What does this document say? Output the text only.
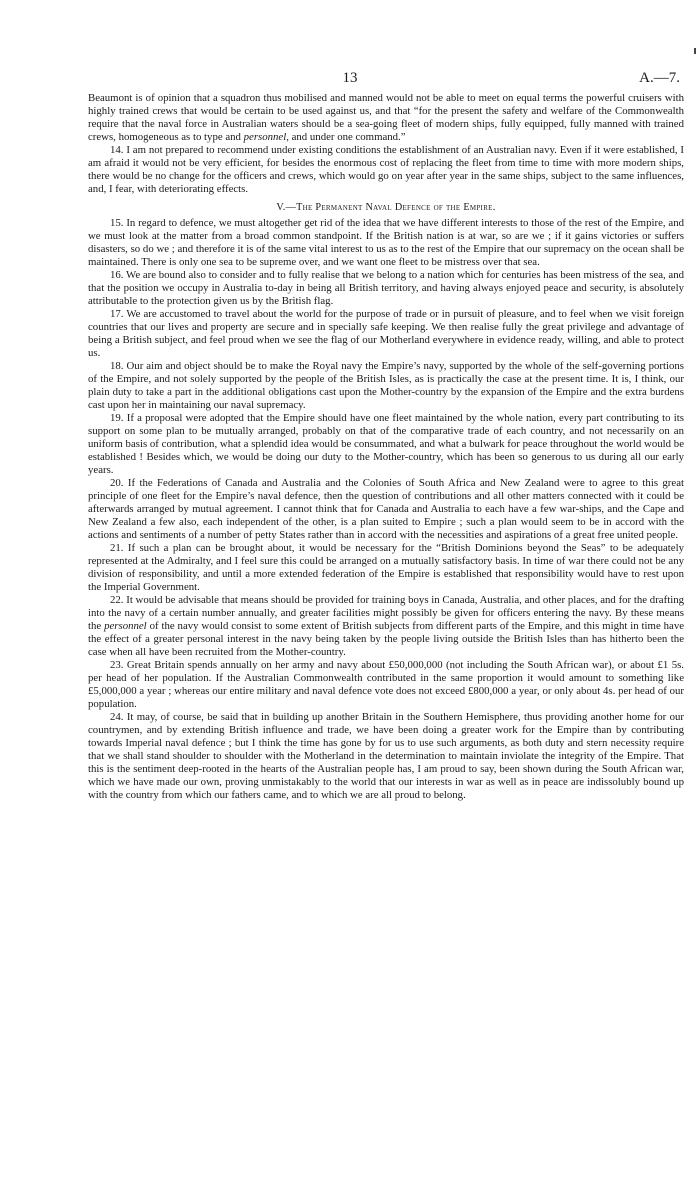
13	A.—7.

Beaumont is of opinion that a squadron thus mobilised and manned would not be able to meet on equal terms the powerful cruisers with highly trained crews that would be certain to be used against us, and that “for the present the safety and welfare of the Commonwealth require that the naval force in Australian waters should be a sea-going fleet of modern ships, fully equipped, fully manned with trained crews, homogeneous as to type and personnel, and under one command.”

14. I am not prepared to recommend under existing conditions the establishment of an Australian navy. Even if it were established, I am afraid it would not be very efficient, for besides the enormous cost of replacing the fleet from time to time with more modern ships, there would be no change for the officers and crews, which would go on year after year in the same ships, subject to the same influences, and, I fear, with deteriorating effects.

V.—The Permanent Naval Defence of the Empire.

15. In regard to defence, we must altogether get rid of the idea that we have different interests to those of the rest of the Empire, and we must look at the matter from a broad common standpoint. If the British nation is at war, so are we ; if it gains victories or suffers disasters, so do we ; and therefore it is of the same vital interest to us as to the rest of the Empire that our supremacy on the ocean shall be maintained. There is only one sea to be supreme over, and we want one fleet to be mistress over that sea.

16. We are bound also to consider and to fully realise that we belong to a nation which for centuries has been mistress of the sea, and that the position we occupy in Australia to-day in being all British territory, and having always enjoyed peace and security, is absolutely attributable to the protection given us by the British flag.

17. We are accustomed to travel about the world for the purpose of trade or in pursuit of pleasure, and to feel when we visit foreign countries that our lives and property are secure and in specially safe keeping. We then realise fully the great privilege and advantage of being a British subject, and feel proud when we see the flag of our Motherland everywhere in evidence ready, willing, and able to protect us.

18. Our aim and object should be to make the Royal navy the Empire’s navy, supported by the whole of the self-governing portions of the Empire, and not solely supported by the people of the British Isles, as is practically the case at the present time. It is, I think, our plain duty to take a part in the additional obligations cast upon the Mother-country by the expansion of the Empire and the extra burdens cast upon her in maintaining our naval supremacy.

19. If a proposal were adopted that the Empire should have one fleet maintained by the whole nation, every part contributing to its support on some plan to be mutually arranged, probably on that of the comparative trade of each country, and not necessarily on an uniform basis of contribution, what a splendid idea would be consummated, and what a bulwark for peace throughout the world would be established ! Besides which, we would be doing our duty to the Mother-country, which has been so generous to us during all our early years.

20. If the Federations of Canada and Australia and the Colonies of South Africa and New Zealand were to agree to this great principle of one fleet for the Empire’s naval defence, then the question of contributions and all other matters connected with it could be afterwards arranged by mutual agreement. I cannot think that for Canada and Australia to each have a few war-ships, and the Cape and New Zealand a few also, each independent of the other, is a plan suited to Empire ; such a plan would seem to be in accord with the actions and sentiments of a number of petty States rather than in accord with the necessities and aspirations of a great free united people.

21. If such a plan can be brought about, it would be necessary for the “British Dominions beyond the Seas” to be adequately represented at the Admiralty, and I feel sure this could be arranged on a mutually satisfactory basis. In time of war there could not be any division of responsibility, and until a more extended federation of the Empire is established that responsibility would have to rest upon the Imperial Government.

22. It would be advisable that means should be provided for training boys in Canada, Australia, and other places, and for the drafting into the navy of a certain number annually, and greater facilities might possibly be given for officers entering the navy. By these means the personnel of the navy would consist to some extent of British subjects from different parts of the Empire, and this might in time have the effect of a greater personal interest in the navy being taken by the people living outside the British Isles than has hitherto been the case when all have been recruited from the Mother-country.

23. Great Britain spends annually on her army and navy about £50,000,000 (not including the South African war), or about £1 5s. per head of her population. If the Australian Commonwealth contributed in the same proportion it would amount to something like £5,000,000 a year ; whereas our entire military and naval defence vote does not exceed £800,000 a year, or only about 4s. per head of our population.

24. It may, of course, be said that in building up another Britain in the Southern Hemisphere, thus providing another home for our countrymen, and by extending British influence and trade, we have been doing a greater work for the Empire than by contributing towards Imperial naval defence ; but I think the time has gone by for us to use such arguments, as both duty and stern necessity require that we shall stand shoulder to shoulder with the Motherland in the determination to maintain inviolate the integrity of the Empire. That this is the sentiment deep-rooted in the hearts of the Australian people has, I am proud to say, been shown during the South African war, which we have made our own, proving unmistakably to the world that our interests in war as well as in peace are indissolubly bound up with the country from which our fathers came, and to which we are all proud to belong.
